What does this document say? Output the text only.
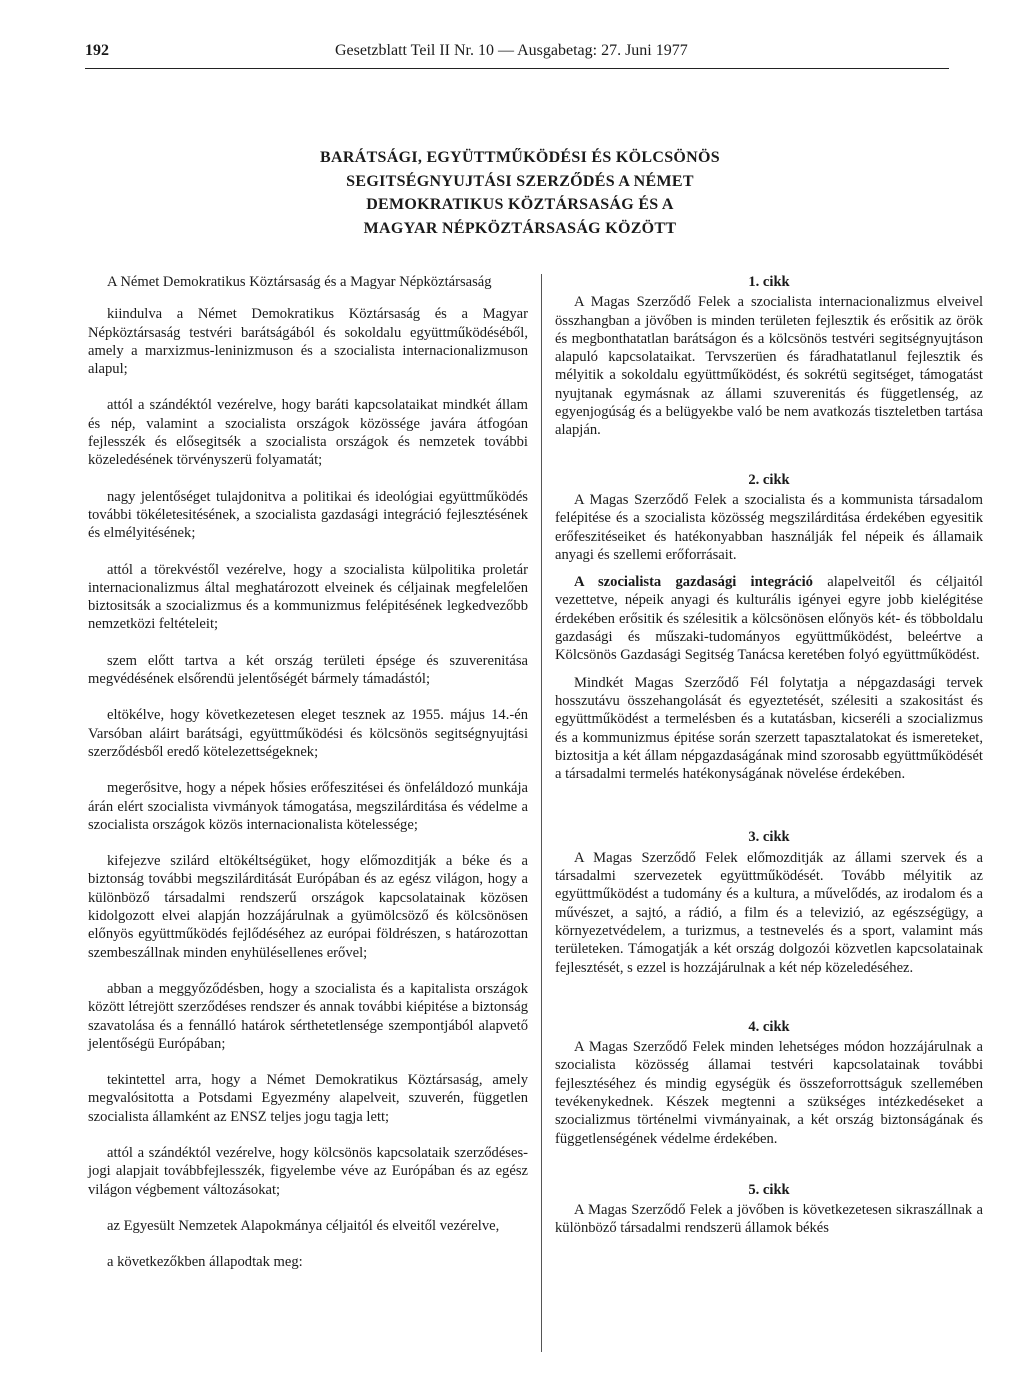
192	Gesetzblatt Teil II Nr. 10 — Ausgabetag: 27. Juni 1977
BARÁTSÁGI, EGYÜTTMŰKÖDÉSI ÉS KÖLCSÖNÖS
SEGITSÉGNYUJTÁSI SZERZŐDÉS A NÉMET
DEMOKRATIKUS KÖZTÁRSASÁG ÉS A
MAGYAR NÉPKÖZTÁRSASÁG KÖZÖTT

A Német Demokratikus Köztársaság és a Magyar Népköztársaság

kiindulva a Német Demokratikus Köztársaság és a Magyar Népköztársaság testvéri barátságából és sokoldalu együttműködéséből, amely a marxizmus-leninizmuson és a szocialista internacionalizmuson alapul;

attól a szándéktól vezérelve, hogy baráti kapcsolataikat mindkét állam és nép, valamint a szocialista országok közössége javára átfogóan fejlesszék és elősegitsék a szocialista országok és nemzetek további közeledésének törvényszerü folyamatát;

nagy jelentőséget tulajdonitva a politikai és ideológiai együttműködés további tökéletesitésének, a szocialista gazdasági integráció fejlesztésének és elmélyitésének;

attól a törekvéstől vezérelve, hogy a szocialista külpolitika proletár internacionalizmus által meghatározott elveinek és céljainak megfelelően biztositsák a szocializmus és a kommunizmus felépitésének legkedvezőbb nemzetközi feltételeit;

szem előtt tartva a két ország területi épsége és szuverenitása megvédésének elsőrendü jelentőségét bármely támadástól;

eltökélve, hogy következetesen eleget tesznek az 1955. május 14.-én Varsóban aláirt barátsági, együttműködési és kölcsönös segitségnyujtási szerződésből eredő kötelezettségeknek;

megerősitve, hogy a népek hősies erőfeszitései és önfeláldozó munkája árán elért szocialista vivmányok támogatása, megszilárditása és védelme a szocialista országok közös internacionalista kötelessége;

kifejezve szilárd eltökéltségüket, hogy előmozditják a béke és a biztonság további megszilárditását Európában és az egész világon, hogy a különböző társadalmi rendszerű országok kapcsolatainak közösen kidolgozott elvei alapján hozzájárulnak a gyümölcsöző és kölcsönösen előnyös együttműködés fejlődéséhez az európai földrészen, s határozottan szembeszállnak minden enyhülésellenes erővel;

abban a meggyőződésben, hogy a szocialista és a kapitalista országok között létrejött szerződéses rendszer és annak további kiépitése a biztonság szavatolása és a fennálló határok sérthetetlensége szempontjából alapvető jelentőségü Európában;

tekintettel arra, hogy a Német Demokratikus Köztársaság, amely megvalósitotta a Potsdami Egyezmény alapelveit, szuverén, független szocialista államként az ENSZ teljes jogu tagja lett;

attól a szándéktól vezérelve, hogy kölcsönös kapcsolataik szerződéses-jogi alapjait továbbfejlesszék, figyelembe véve az Európában és az egész világon végbement változásokat;

az Egyesült Nemzetek Alapokmánya céljaitól és elveitől vezérelve,

a következőkben állapodtak meg:

1. cikk

A Magas Szerződő Felek a szocialista internacionalizmus elveivel összhangban a jövőben is minden területen fejlesztik és erősitik az örök és megbonthatatlan barátságon és a kölcsönös testvéri segitségnyujtáson alapuló kapcsolataikat. Tervszerüen és fáradhatatlanul fejlesztik és mélyitik a sokoldalu együttműködést, és sokrétü segitséget, támogatást nyujtanak egymásnak az állami szuverenitás és függetlenség, az egyenjogúság és a belügyekbe való be nem avatkozás tiszteletben tartása alapján.

2. cikk

A Magas Szerződő Felek a szocialista és a kommunista társadalom felépitése és a szocialista közösség megszilárditása érdekében egyesitik erőfeszitéseiket és hatékonyabban használják fel népeik és államaik anyagi és szellemi erőforrásait.

A szocialista gazdasági integráció alapelveitől és céljaitól vezettetve, népeik anyagi és kulturális igényei egyre jobb kielégitése érdekében erősitik és szélesitik a kölcsönösen előnyös két- és többoldalu gazdasági és műszaki-tudományos együttműködést, beleértve a Kölcsönös Gazdasági Segitség Tanácsa keretében folyó együttműködést.

Mindkét Magas Szerződő Fél folytatja a népgazdasági tervek hosszutávu összehangolását és egyeztetését, szélesiti a szakositást és együttműködést a termelésben és a kutatásban, kicseréli a szocializmus és a kommunizmus épitése során szerzett tapasztalatokat és ismereteket, biztositja a két állam népgazdaságának mind szorosabb együttműködését a társadalmi termelés hatékonyságának növelése érdekében.

3. cikk

A Magas Szerződő Felek előmozditják az állami szervek és a társadalmi szervezetek együttműködését. Tovább mélyitik az együttműködést a tudomány és a kultura, a művelődés, az irodalom és a művészet, a sajtó, a rádió, a film és a televizió, az egészségügy, a környezetvédelem, a turizmus, a testnevelés és a sport, valamint más területeken. Támogatják a két ország dolgozói közvetlen kapcsolatainak fejlesztését, s ezzel is hozzájárulnak a két nép közeledéséhez.

4. cikk

A Magas Szerződő Felek minden lehetséges módon hozzájárulnak a szocialista közösség államai testvéri kapcsolatainak további fejlesztéséhez és mindig egységük és összeforrottságuk szellemében tevékenykednek. Készek megtenni a szükséges intézkedéseket a szocializmus történelmi vivmányainak, a két ország biztonságának és függetlenségének védelme érdekében.

5. cikk

A Magas Szerződő Felek a jövőben is következetesen sikraszállnak a különböző társadalmi rendszerü államok békés
